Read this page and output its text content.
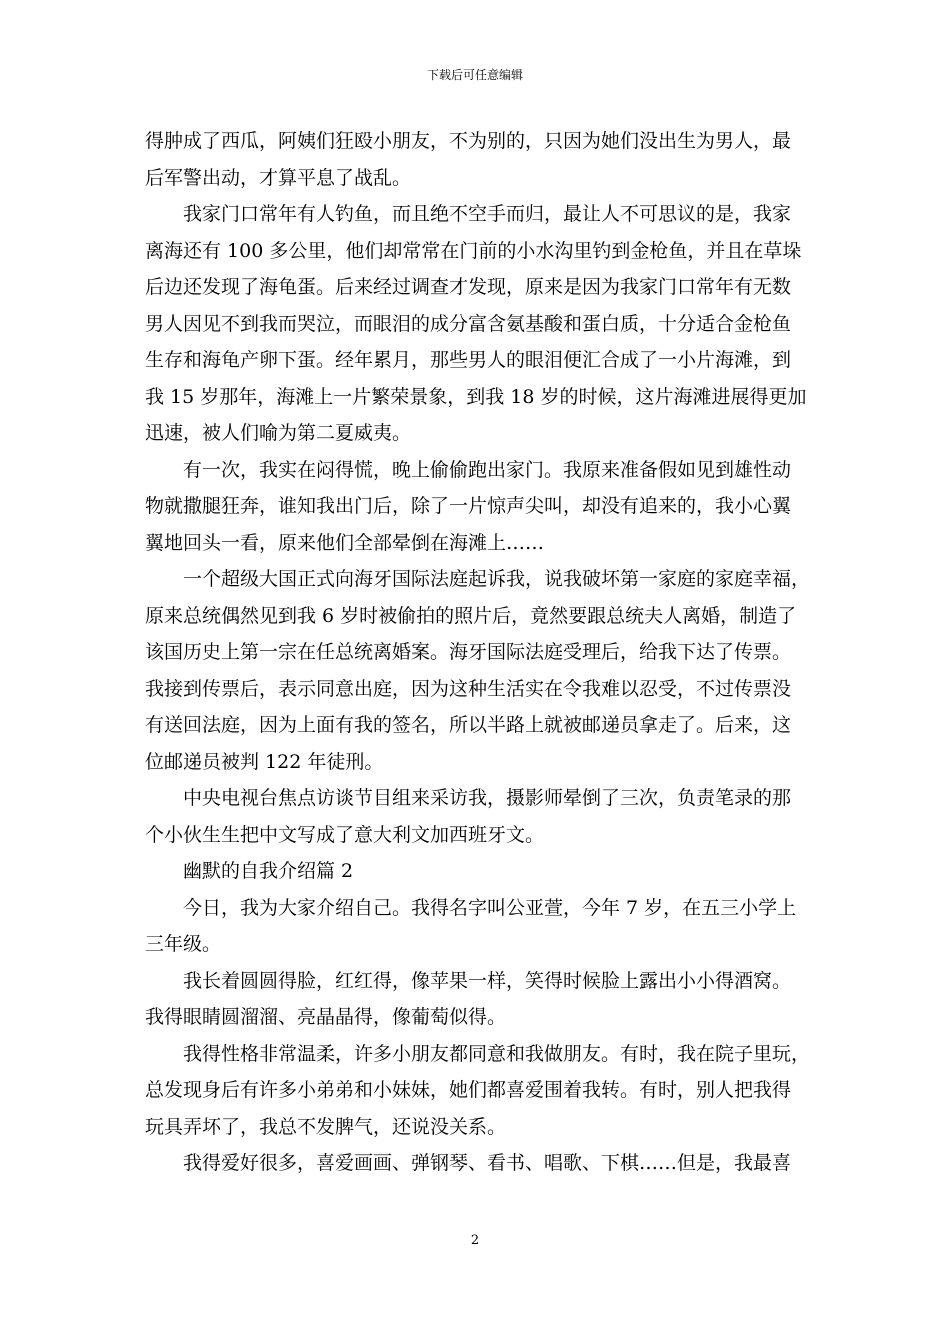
下载后可任意编辑

得肿成了西瓜，阿姨们狂殴小朋友，不为别的，只因为她们没出生为男人，最
后军警出动，才算平息了战乱。

我家门口常年有人钓鱼，而且绝不空手而归，最让人不可思议的是，我家
离海还有 100 多公里，他们却常常在门前的小水沟里钓到金枪鱼，并且在草垛
后边还发现了海龟蛋。后来经过调查才发现，原来是因为我家门口常年有无数
男人因见不到我而哭泣，而眼泪的成分富含氨基酸和蛋白质，十分适合金枪鱼
生存和海龟产卵下蛋。经年累月，那些男人的眼泪便汇合成了一小片海滩，到
我 15 岁那年，海滩上一片繁荣景象，到我 18 岁的时候，这片海滩进展得更加
迅速，被人们喻为第二夏威夷。

有一次，我实在闷得慌，晚上偷偷跑出家门。我原来准备假如见到雄性动
物就撒腿狂奔，谁知我出门后，除了一片惊声尖叫，却没有追来的，我小心翼
翼地回头一看，原来他们全部晕倒在海滩上……

一个超级大国正式向海牙国际法庭起诉我，说我破坏第一家庭的家庭幸福，
原来总统偶然见到我 6 岁时被偷拍的照片后，竟然要跟总统夫人离婚，制造了
该国历史上第一宗在任总统离婚案。海牙国际法庭受理后，给我下达了传票。
我接到传票后，表示同意出庭，因为这种生活实在令我难以忍受，不过传票没
有送回法庭，因为上面有我的签名，所以半路上就被邮递员拿走了。后来，这
位邮递员被判 122 年徒刑。

中央电视台焦点访谈节目组来采访我，摄影师晕倒了三次，负责笔录的那
个小伙生生把中文写成了意大利文加西班牙文。

幽默的自我介绍篇 2

今日，我为大家介绍自己。我得名字叫公亚萱，今年 7 岁，在五三小学上
三年级。

我长着圆圆得脸，红红得，像苹果一样，笑得时候脸上露出小小得酒窝。
我得眼睛圆溜溜、亮晶晶得，像葡萄似得。

我得性格非常温柔，许多小朋友都同意和我做朋友。有时，我在院子里玩，
总发现身后有许多小弟弟和小妹妹，她们都喜爱围着我转。有时，别人把我得
玩具弄坏了，我总不发脾气，还说没关系。

我得爱好很多，喜爱画画、弹钢琴、看书、唱歌、下棋……但是，我最喜

2
